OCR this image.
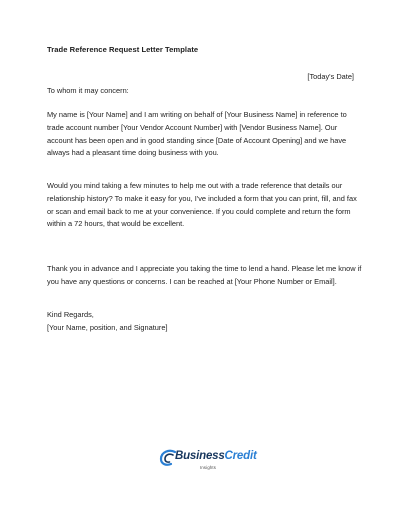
Trade Reference Request Letter Template
[Today's Date]
To whom it may concern:
My name is [Your Name] and I am writing on behalf of [Your Business Name] in reference to
trade account number [Your Vendor Account Number] with [Vendor Business Name]. Our
account has been open and in good standing since [Date of Account Opening] and we have
always had a pleasant time doing business with you.
Would you mind taking a few minutes to help me out with a trade reference that details our
relationship history? To make it easy for you, I've included a form that you can print, fill, and fax
or scan and email back to me at your convenience. If you could complete and return the form
within a 72 hours, that would be excellent.
Thank you in advance and I appreciate you taking the time to lend a hand. Please let me know if
you have any questions or concerns. I can be reached at [Your Phone Number or Email].
Kind Regards,
[Your Name, position, and Signature]
BusinessCredit
Insights
